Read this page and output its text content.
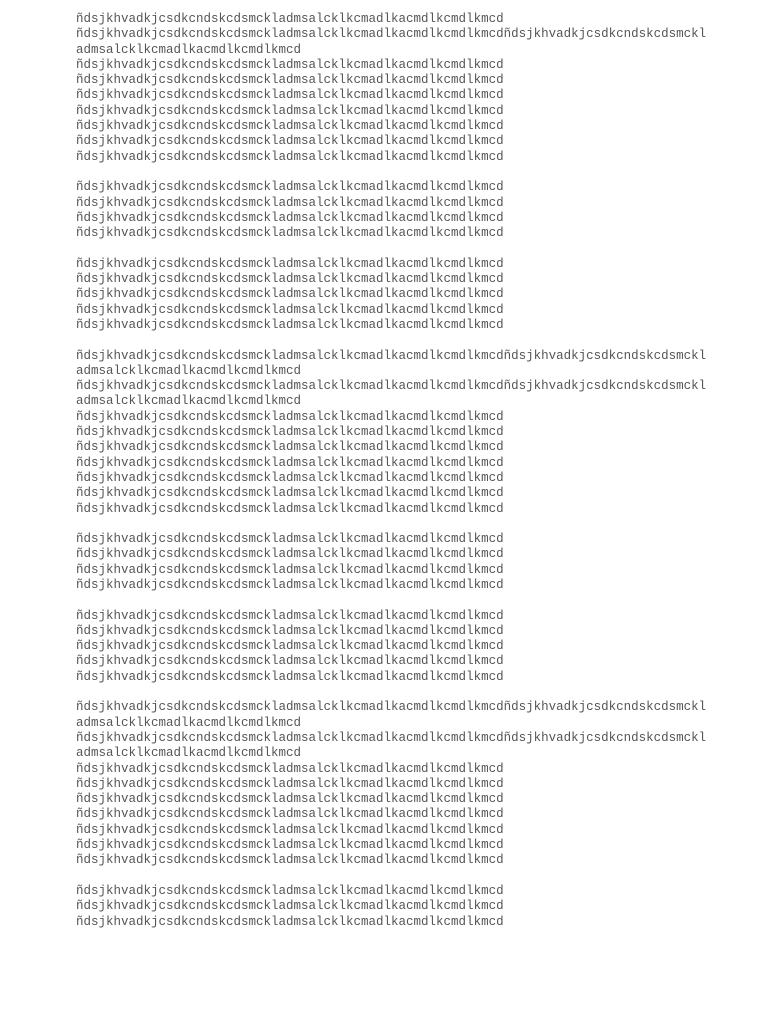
ñdsjkhvadkjcsdkcndskcdsmckladmsalcklkcmadlkacmdlkcmdlkmcd
ñdsjkhvadkjcsdkcndskcdsmckladmsalcklkcmadlkacmdlkcmdlkmcdñdsjkhvadkjcsdkcndskcdsmckl
admsalcklkcmadlkacmdlkcmdlkmcd
ñdsjkhvadkjcsdkcndskcdsmckladmsalcklkcmadlkacmdlkcmdlkmcd
ñdsjkhvadkjcsdkcndskcdsmckladmsalcklkcmadlkacmdlkcmdlkmcd
ñdsjkhvadkjcsdkcndskcdsmckladmsalcklkcmadlkacmdlkcmdlkmcd
ñdsjkhvadkjcsdkcndskcdsmckladmsalcklkcmadlkacmdlkcmdlkmcd
ñdsjkhvadkjcsdkcndskcdsmckladmsalcklkcmadlkacmdlkcmdlkmcd
ñdsjkhvadkjcsdkcndskcdsmckladmsalcklkcmadlkacmdlkcmdlkmcd
ñdsjkhvadkjcsdkcndskcdsmckladmsalcklkcmadlkacmdlkcmdlkmcd
ñdsjkhvadkjcsdkcndskcdsmckladmsalcklkcmadlkacmdlkcmdlkmcd
ñdsjkhvadkjcsdkcndskcdsmckladmsalcklkcmadlkacmdlkcmdlkmcd
ñdsjkhvadkjcsdkcndskcdsmckladmsalcklkcmadlkacmdlkcmdlkmcd
ñdsjkhvadkjcsdkcndskcdsmckladmsalcklkcmadlkacmdlkcmdlkmcd
ñdsjkhvadkjcsdkcndskcdsmckladmsalcklkcmadlkacmdlkcmdlkmcd
ñdsjkhvadkjcsdkcndskcdsmckladmsalcklkcmadlkacmdlkcmdlkmcd
ñdsjkhvadkjcsdkcndskcdsmckladmsalcklkcmadlkacmdlkcmdlkmcd
ñdsjkhvadkjcsdkcndskcdsmckladmsalcklkcmadlkacmdlkcmdlkmcd
ñdsjkhvadkjcsdkcndskcdsmckladmsalcklkcmadlkacmdlkcmdlkmcd
ñdsjkhvadkjcsdkcndskcdsmckladmsalcklkcmadlkacmdlkcmdlkmcdñdsjkhvadkjcsdkcndskcdsmckl
admsalcklkcmadlkacmdlkcmdlkmcd
ñdsjkhvadkjcsdkcndskcdsmckladmsalcklkcmadlkacmdlkcmdlkmcdñdsjkhvadkjcsdkcndskcdsmckl
admsalcklkcmadlkacmdlkcmdlkmcd
ñdsjkhvadkjcsdkcndskcdsmckladmsalcklkcmadlkacmdlkcmdlkmcd
ñdsjkhvadkjcsdkcndskcdsmckladmsalcklkcmadlkacmdlkcmdlkmcd
ñdsjkhvadkjcsdkcndskcdsmckladmsalcklkcmadlkacmdlkcmdlkmcd
ñdsjkhvadkjcsdkcndskcdsmckladmsalcklkcmadlkacmdlkcmdlkmcd
ñdsjkhvadkjcsdkcndskcdsmckladmsalcklkcmadlkacmdlkcmdlkmcd
ñdsjkhvadkjcsdkcndskcdsmckladmsalcklkcmadlkacmdlkcmdlkmcd
ñdsjkhvadkjcsdkcndskcdsmckladmsalcklkcmadlkacmdlkcmdlkmcd
ñdsjkhvadkjcsdkcndskcdsmckladmsalcklkcmadlkacmdlkcmdlkmcd
ñdsjkhvadkjcsdkcndskcdsmckladmsalcklkcmadlkacmdlkcmdlkmcd
ñdsjkhvadkjcsdkcndskcdsmckladmsalcklkcmadlkacmdlkcmdlkmcd
ñdsjkhvadkjcsdkcndskcdsmckladmsalcklkcmadlkacmdlkcmdlkmcd
ñdsjkhvadkjcsdkcndskcdsmckladmsalcklkcmadlkacmdlkcmdlkmcd
ñdsjkhvadkjcsdkcndskcdsmckladmsalcklkcmadlkacmdlkcmdlkmcd
ñdsjkhvadkjcsdkcndskcdsmckladmsalcklkcmadlkacmdlkcmdlkmcd
ñdsjkhvadkjcsdkcndskcdsmckladmsalcklkcmadlkacmdlkcmdlkmcd
ñdsjkhvadkjcsdkcndskcdsmckladmsalcklkcmadlkacmdlkcmdlkmcd
ñdsjkhvadkjcsdkcndskcdsmckladmsalcklkcmadlkacmdlkcmdlkmcdñdsjkhvadkjcsdkcndskcdsmckl
admsalcklkcmadlkacmdlkcmdlkmcd
ñdsjkhvadkjcsdkcndskcdsmckladmsalcklkcmadlkacmdlkcmdlkmcdñdsjkhvadkjcsdkcndskcdsmckl
admsalcklkcmadlkacmdlkcmdlkmcd
ñdsjkhvadkjcsdkcndskcdsmckladmsalcklkcmadlkacmdlkcmdlkmcd
ñdsjkhvadkjcsdkcndskcdsmckladmsalcklkcmadlkacmdlkcmdlkmcd
ñdsjkhvadkjcsdkcndskcdsmckladmsalcklkcmadlkacmdlkcmdlkmcd
ñdsjkhvadkjcsdkcndskcdsmckladmsalcklkcmadlkacmdlkcmdlkmcd
ñdsjkhvadkjcsdkcndskcdsmckladmsalcklkcmadlkacmdlkcmdlkmcd
ñdsjkhvadkjcsdkcndskcdsmckladmsalcklkcmadlkacmdlkcmdlkmcd
ñdsjkhvadkjcsdkcndskcdsmckladmsalcklkcmadlkacmdlkcmdlkmcd
ñdsjkhvadkjcsdkcndskcdsmckladmsalcklkcmadlkacmdlkcmdlkmcd
ñdsjkhvadkjcsdkcndskcdsmckladmsalcklkcmadlkacmdlkcmdlkmcd
ñdsjkhvadkjcsdkcndskcdsmckladmsalcklkcmadlkacmdlkcmdlkmcd
